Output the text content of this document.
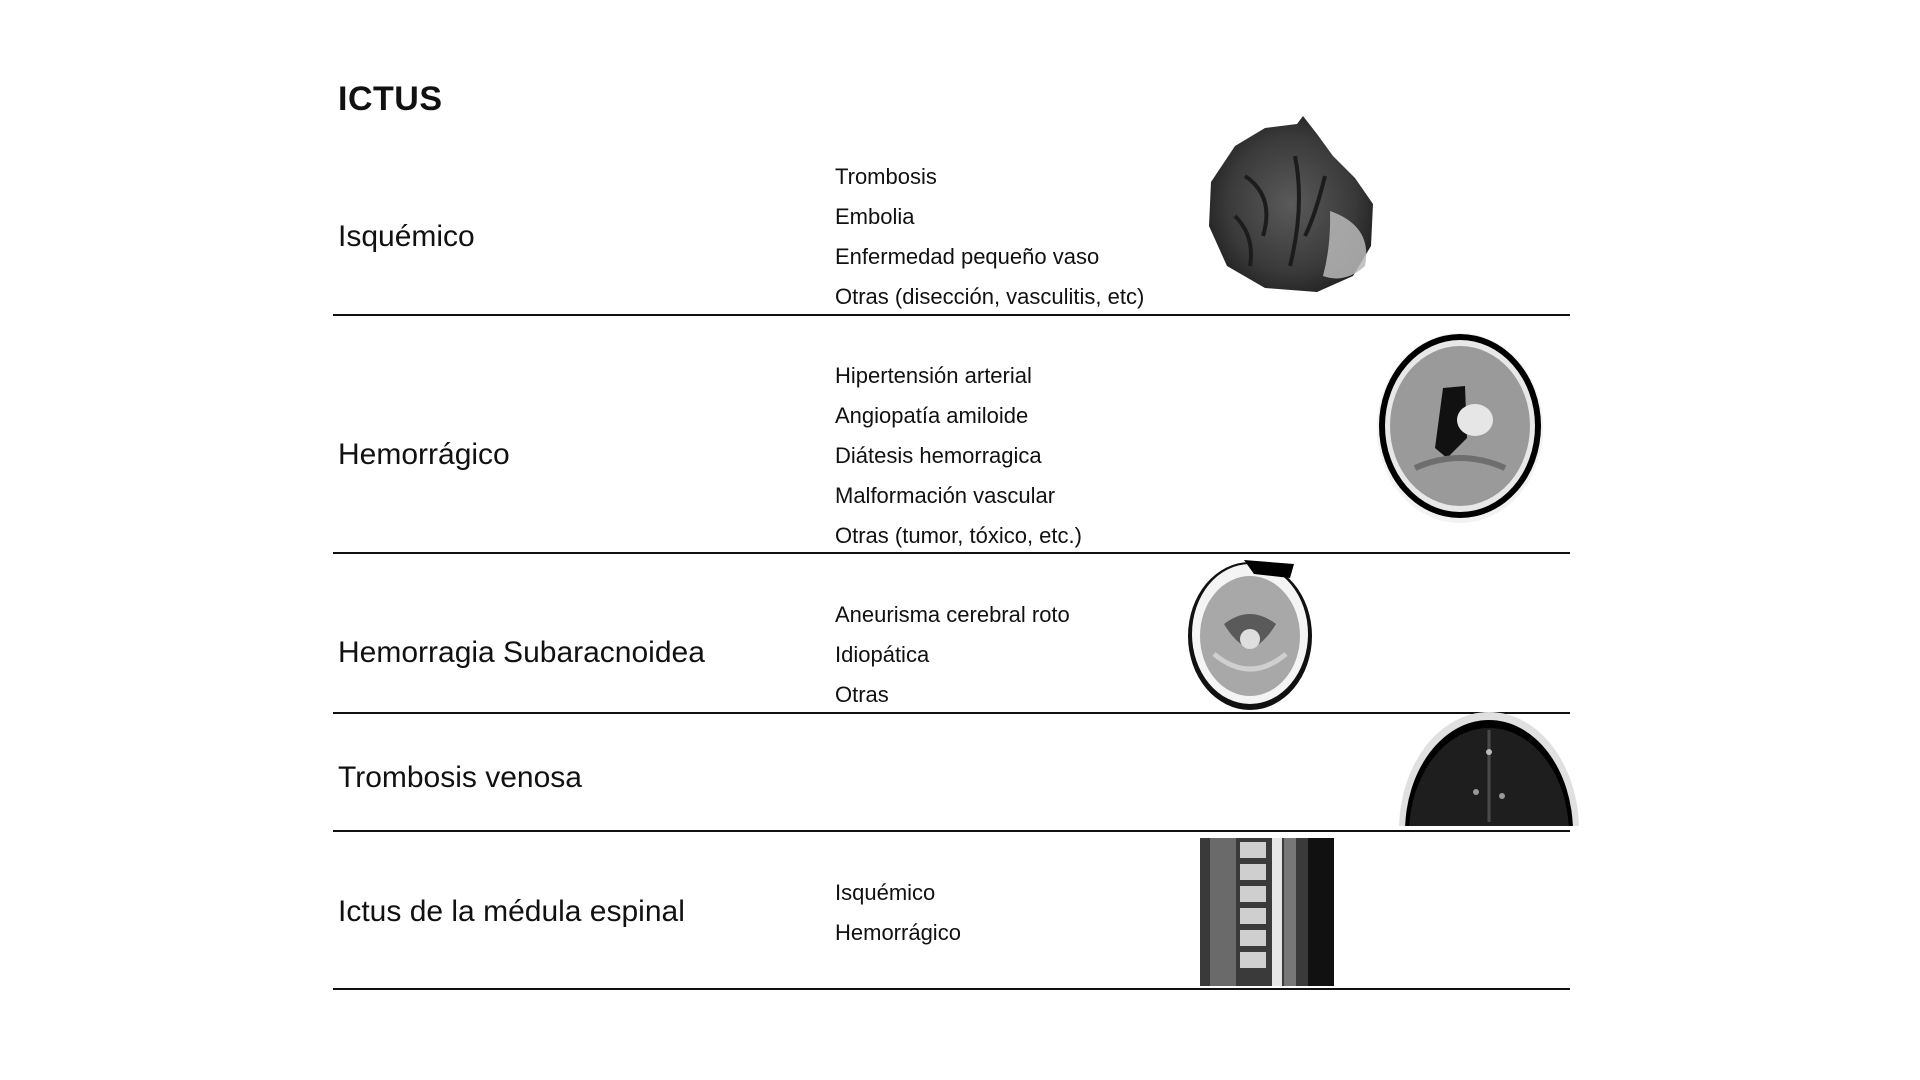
ICTUS
Isquémico
Trombosis
Embolia
Enfermedad pequeño vaso
Otras (disección, vasculitis, etc)
Hemorrágico
Hipertensión arterial
Angiopatía amiloide
Diátesis hemorragica
Malformación vascular
Otras (tumor, tóxico, etc.)
Hemorragia Subaracnoidea
Aneurisma cerebral roto
Idiopática
Otras
Trombosis venosa
Ictus de la médula espinal
Isquémico
Hemorrágico
